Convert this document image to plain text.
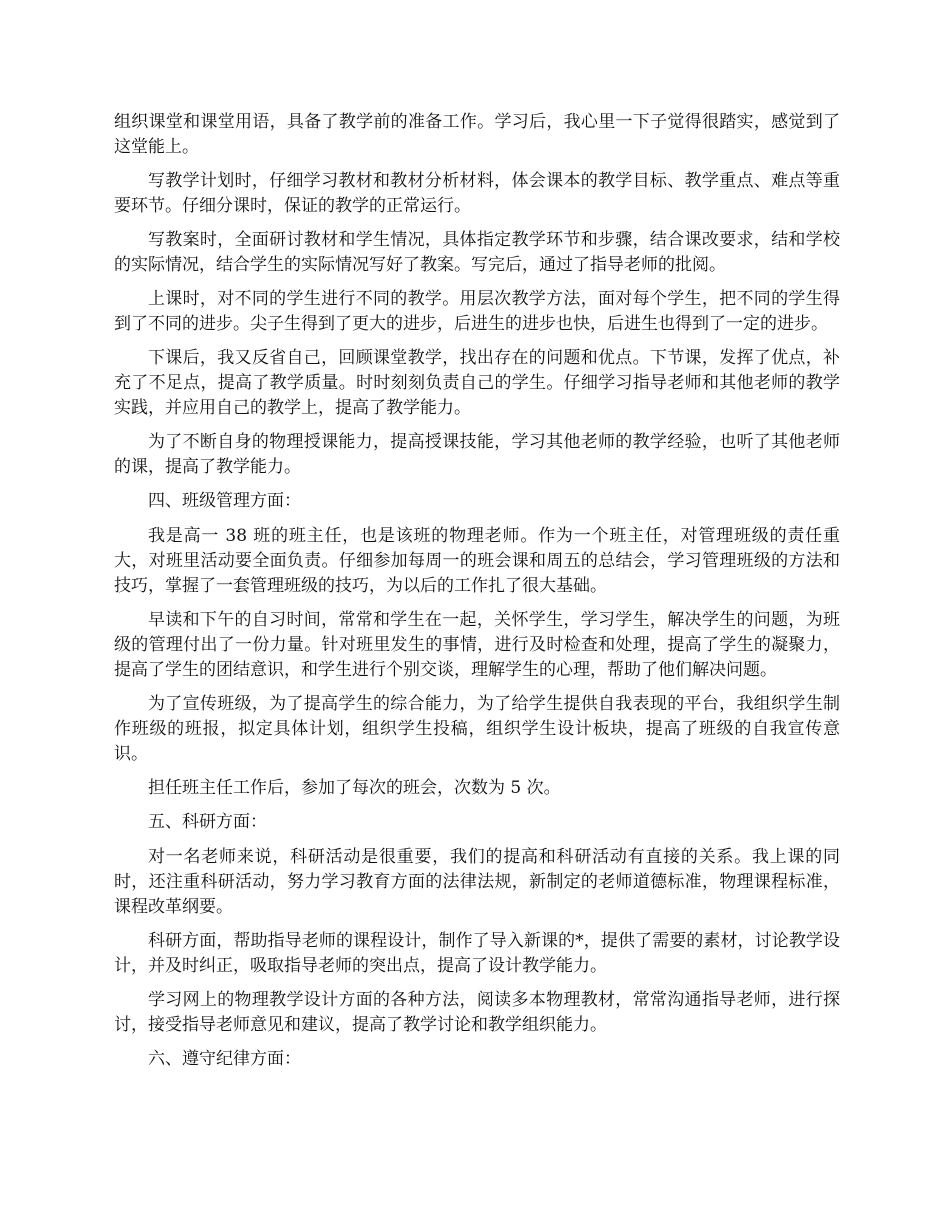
组织课堂和课堂用语，具备了教学前的准备工作。学习后，我心里一下子觉得很踏实，感觉到了这堂能上。

写教学计划时，仔细学习教材和教材分析材料，体会课本的教学目标、教学重点、难点等重要环节。仔细分课时，保证的教学的正常运行。

写教案时，全面研讨教材和学生情况，具体指定教学环节和步骤，结合课改要求，结和学校的实际情况，结合学生的实际情况写好了教案。写完后，通过了指导老师的批阅。

上课时，对不同的学生进行不同的教学。用层次教学方法，面对每个学生，把不同的学生得到了不同的进步。尖子生得到了更大的进步，后进生的进步也快，后进生也得到了一定的进步。

下课后，我又反省自己，回顾课堂教学，找出存在的问题和优点。下节课，发挥了优点，补充了不足点，提高了教学质量。时时刻刻负责自己的学生。仔细学习指导老师和其他老师的教学实践，并应用自己的教学上，提高了教学能力。

为了不断自身的物理授课能力，提高授课技能，学习其他老师的教学经验，也听了其他老师的课，提高了教学能力。

四、班级管理方面：

我是高一 38 班的班主任，也是该班的物理老师。作为一个班主任，对管理班级的责任重大，对班里活动要全面负责。仔细参加每周一的班会课和周五的总结会，学习管理班级的方法和技巧，掌握了一套管理班级的技巧，为以后的工作扎了很大基础。

早读和下午的自习时间，常常和学生在一起，关怀学生，学习学生，解决学生的问题，为班级的管理付出了一份力量。针对班里发生的事情，进行及时检查和处理，提高了学生的凝聚力，提高了学生的团结意识，和学生进行个别交谈，理解学生的心理，帮助了他们解决问题。

为了宣传班级，为了提高学生的综合能力，为了给学生提供自我表现的平台，我组织学生制作班级的班报，拟定具体计划，组织学生投稿，组织学生设计板块，提高了班级的自我宣传意识。

担任班主任工作后，参加了每次的班会，次数为 5 次。

五、科研方面：

对一名老师来说，科研活动是很重要，我们的提高和科研活动有直接的关系。我上课的同时，还注重科研活动，努力学习教育方面的法律法规，新制定的老师道德标准，物理课程标准，课程改革纲要。

科研方面，帮助指导老师的课程设计，制作了导入新课的*，提供了需要的素材，讨论教学设计，并及时纠正，吸取指导老师的突出点，提高了设计教学能力。

学习网上的物理教学设计方面的各种方法，阅读多本物理教材，常常沟通指导老师，进行探讨，接受指导老师意见和建议，提高了教学讨论和教学组织能力。

六、遵守纪律方面：
